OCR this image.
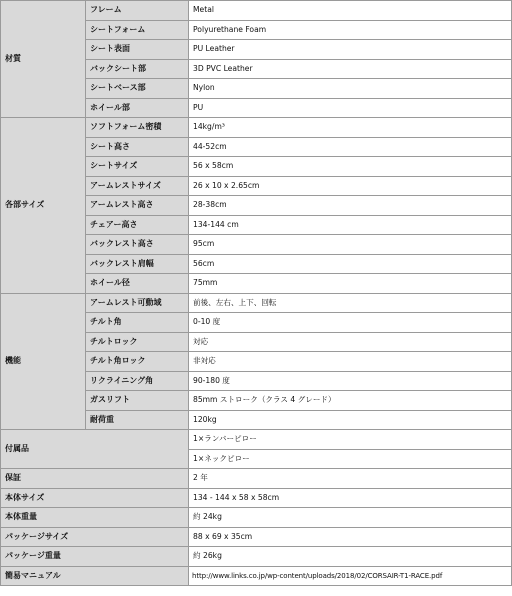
材質	フレーム	Metal
	シートフォーム	Polyurethane Foam
	シート表面	PU Leather
	バックシート部	3D PVC Leather
	シートベース部	Nylon
	ホイール部	PU
各部サイズ	ソフトフォーム密積	14kg/m³
	シート高さ	44-52cm
	シートサイズ	56 x 58cm
	アームレストサイズ	26 x 10 x 2.65cm
	アームレスト高さ	28-38cm
	チェアー高さ	134-144 cm
	バックレスト高さ	95cm
	バックレスト肩幅	56cm
	ホイール径	75mm
機能	アームレスト可動域	前後、左右、上下、回転
	チルト角	0-10 度
	チルトロック	対応
	チルト角ロック	非対応
	リクライニング角	90-180 度
	ガスリフト	85mm ストローク（クラス 4 グレード）
	耐荷重	120kg
付属品		1×ランバーピロー
		1×ネックピロー
保証		2 年
本体サイズ		134 - 144 x 58 x 58cm
本体重量		約 24kg
パッケージサイズ		88 x 69 x 35cm
パッケージ重量		約 26kg
簡易マニュアル		http://www.links.co.jp/wp-content/uploads/2018/02/CORSAIR-T1-RACE.pdf
